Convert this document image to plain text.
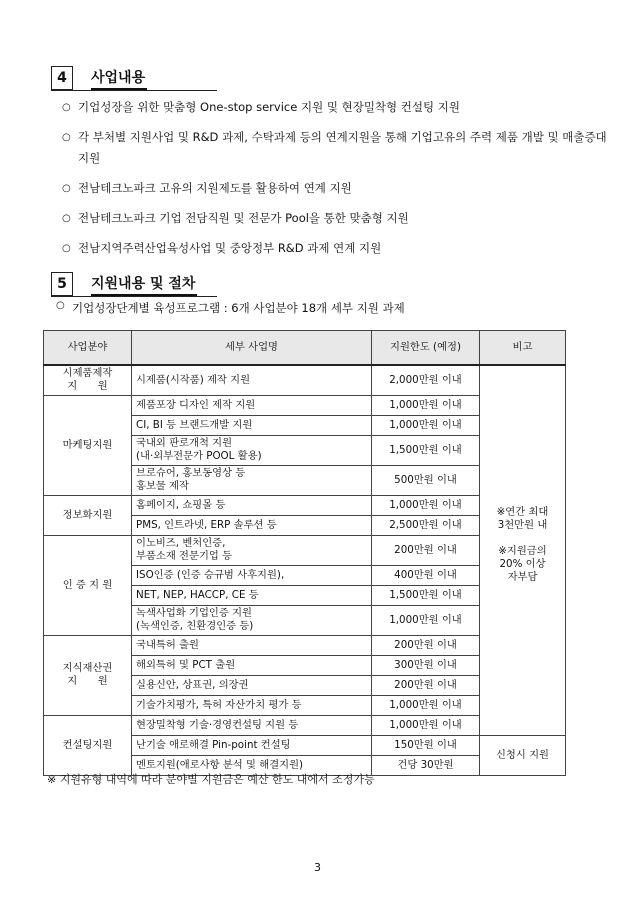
4	사업내용
○ 기업성장을 위한 맞춤형 One-stop service 지원 및 현장밀착형 컨설팅 지원
○ 각 부처별 지원사업 및 R&D 과제, 수탁과제 등의 연계지원을 통해 기업고유의 주력 제품 개발 및 매출증대 지원
○ 전남테크노파크 고유의 지원제도를 활용하여 연계 지원
○ 전남테크노파크 기업 전담직원 및 전문가 Pool을 통한 맞춤형 지원
○ 전남지역주력산업육성사업 및 중앙정부 R&D 과제 연계 지원
5	지원내용 및 절차
○ 기업성장단계별 육성프로그램 : 6개 사업분야 18개 세부 지원 과제
사업분야	세부 사업명	지원한도 (예정)	비고
시제품제작
지　　원	시제품(시작품) 제작 지원	2,000만원 이내	※연간 최대
3천만원 내

※지원금의
20% 이상
자부담

마케팅지원	제품포장 디자인 제작 지원	1,000만원 이내	
	CI, BI 등 브랜드개발 지원	1,000만원 이내	
	국내외 판로개척 지원
(내·외부전문가 POOL 활용)	1,500만원 이내	
	브로슈어, 홍보동영상 등
홍보물 제작	500만원 이내	
정보화지원	홈페이지, 쇼핑몰 등	1,000만원 이내	
	PMS, 인트라넷, ERP 솔루션 등	2,500만원 이내	
인 증 지 원	이노비즈, 벤처인증,
부품소재 전문기업 등	200만원 이내	
	ISO인증 (인증 승규범 사후지원),	400만원 이내	
	NET, NEP, HACCP, CE 등	1,500만원 이내	
	녹색사업화 기업인증 지원
(녹색인증, 친환경인증 등)	1,000만원 이내	
지식재산권
지　　원	국내특허 출원	200만원 이내	
	해외특허 및 PCT 출원	300만원 이내	
	실용신안, 상표권, 의장권	200만원 이내	
	기술가치평가, 특허 자산가치 평가 등	1,000만원 이내	
컨설팅지원	현장밀착형 기술·경영컨설팅 지원 등	1,000만원 이내	
	난기술 애로해결 Pin-point 컨설팅	150만원 이내	신청시 지원
	멘토지원(애로사항 분석 및 해결지원)	건당 30만원	
※ 지원유형 내역에 따라 분야별 지원금은 예산 한도 내에서 조정가능
3
